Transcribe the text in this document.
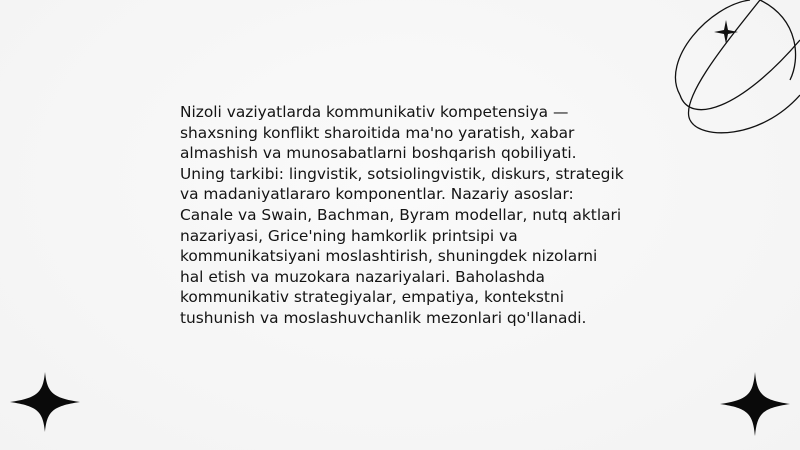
Nizoli vaziyatlarda kommunikativ kompetensiya — shaxsning konflikt sharoitida ma'no yaratish, xabar almashish va munosabatlarni boshqarish qobiliyati. Uning tarkibi: lingvistik, sotsiolingvistik, diskurs, strategik va madaniyatlararo komponentlar. Nazariy asoslar: Canale va Swain, Bachman, Byram modellar, nutq aktlari nazariyasi, Grice'ning hamkorlik printsipi va kommunikatsiyani moslashtirish, shuningdek nizolarni hal etish va muzokara nazariyalari. Baholashda kommunikativ strategiyalar, empatiya, kontekstni tushunish va moslashuvchanlik mezonlari qo'llanadi.
